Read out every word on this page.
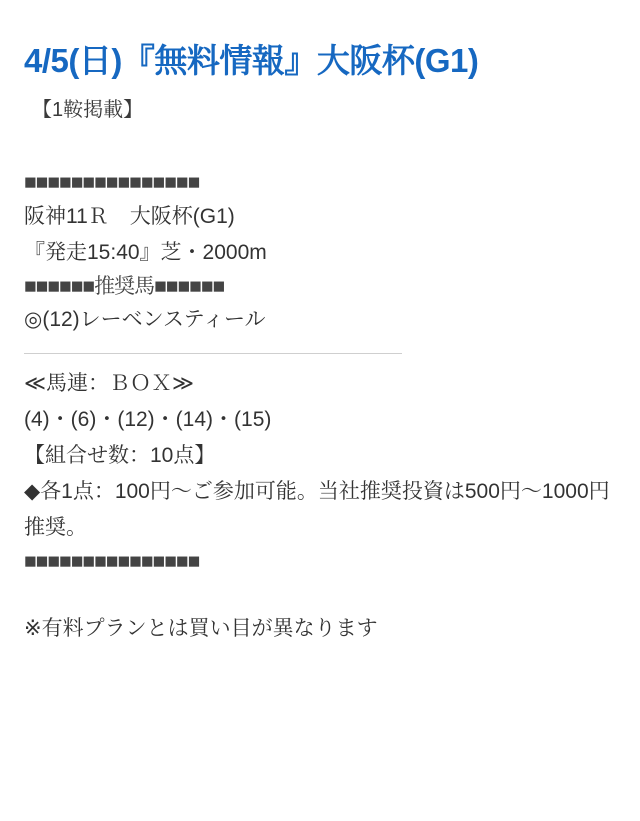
4/5(日)『無料情報』大阪杯(G1)
【1鞍掲載】
■■■■■■■■■■■■■■■
阪神11Ｒ　大阪杯(G1)
『発走15:40』芝・2000m
■■■■■■推奨馬■■■■■■
◎(12)レーベンスティール
≪馬連：ＢＯＸ≫
(4)・(6)・(12)・(14)・(15)
【組合せ数：10点】
◆各1点：100円〜ご参加可能。当社推奨投資は500円〜1000円推奨。
■■■■■■■■■■■■■■■
※有料プランとは買い目が異なります
